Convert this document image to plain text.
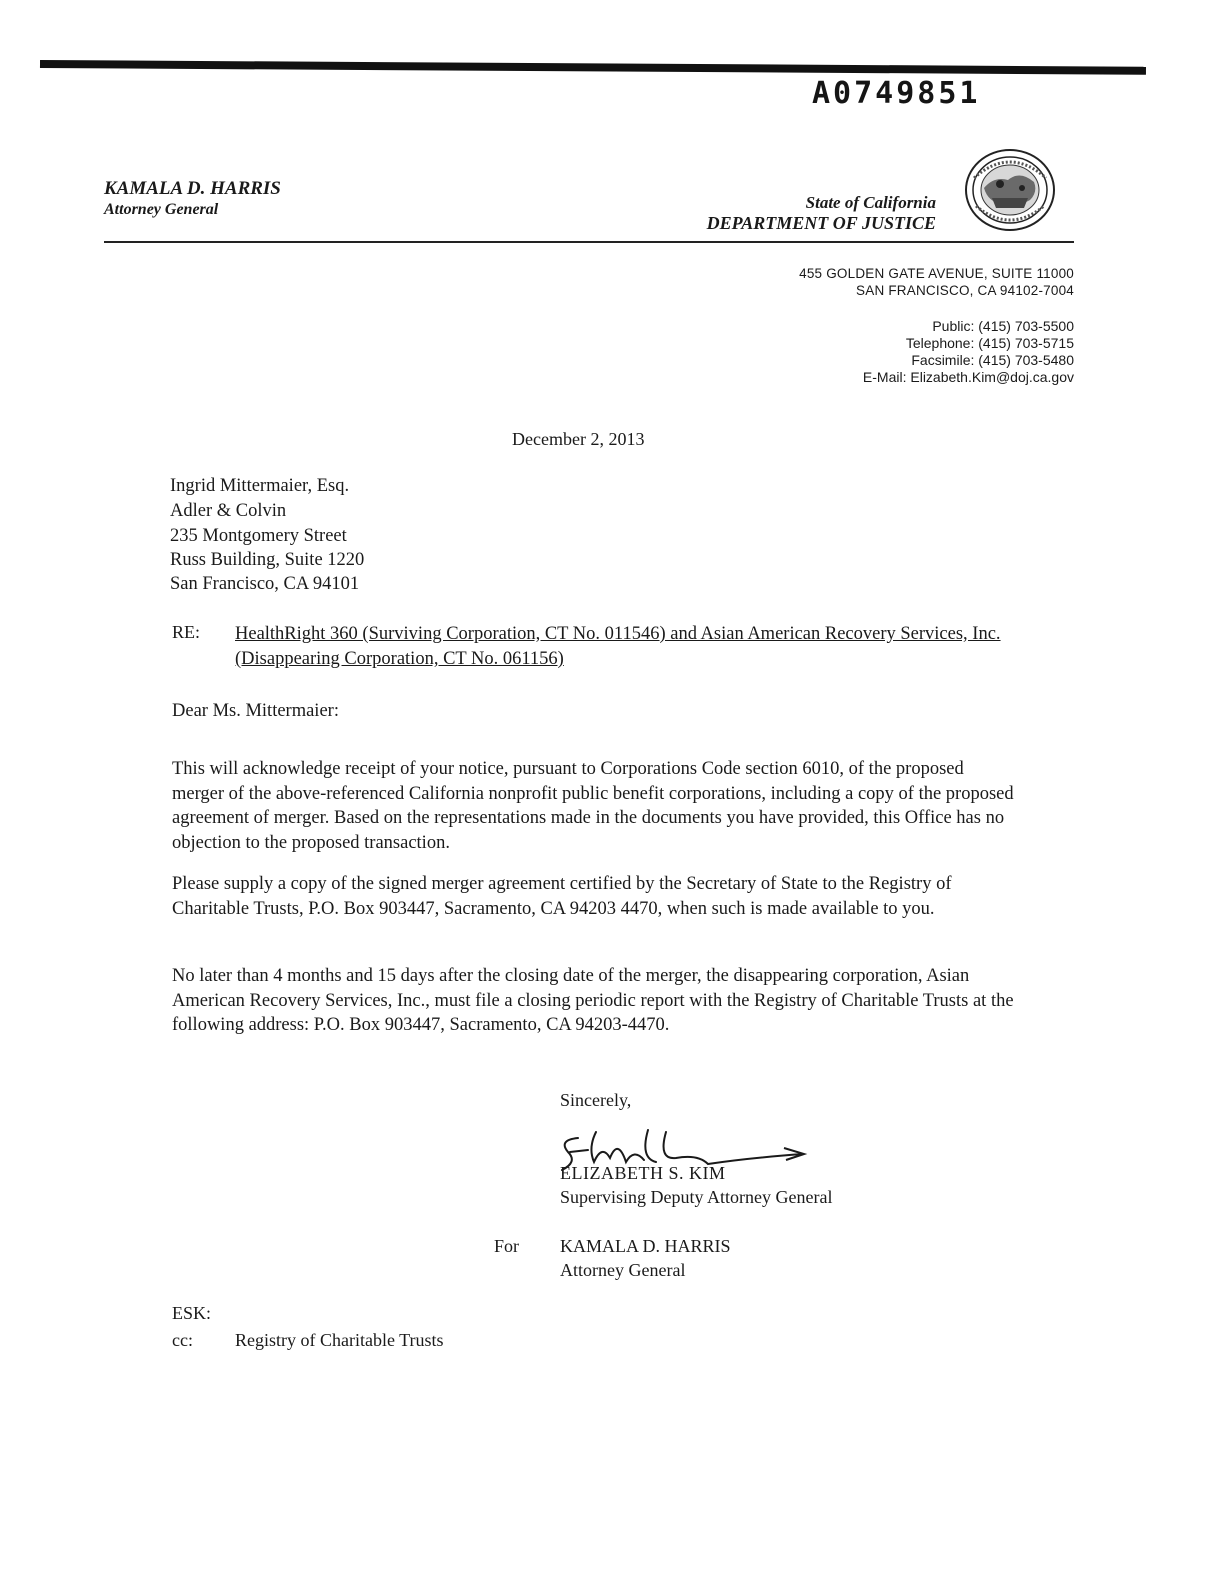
A0749851
KAMALA D. HARRIS
Attorney General	State of California
DEPARTMENT OF JUSTICE
455 GOLDEN GATE AVENUE, SUITE 11000
SAN FRANCISCO, CA 94102-7004
Public: (415) 703-5500
Telephone: (415) 703-5715
Facsimile: (415) 703-5480
E-Mail: Elizabeth.Kim@doj.ca.gov
December 2, 2013
Ingrid Mittermaier, Esq.
Adler & Colvin
235 Montgomery Street
Russ Building, Suite 1220
San Francisco, CA 94101
RE: HealthRight 360 (Surviving Corporation, CT No. 011546) and Asian American Recovery Services, Inc. (Disappearing Corporation, CT No. 061156)
Dear Ms. Mittermaier:
This will acknowledge receipt of your notice, pursuant to Corporations Code section 6010, of the proposed merger of the above-referenced California nonprofit public benefit corporations, including a copy of the proposed agreement of merger. Based on the representations made in the documents you have provided, this Office has no objection to the proposed transaction.
Please supply a copy of the signed merger agreement certified by the Secretary of State to the Registry of Charitable Trusts, P.O. Box 903447, Sacramento, CA 94203 4470, when such is made available to you.
No later than 4 months and 15 days after the closing date of the merger, the disappearing corporation, Asian American Recovery Services, Inc., must file a closing periodic report with the Registry of Charitable Trusts at the following address: P.O. Box 903447, Sacramento, CA 94203-4470.
Sincerely,
ELIZABETH S. KIM
Supervising Deputy Attorney General
For KAMALA D. HARRIS
Attorney General
ESK:
cc: Registry of Charitable Trusts
